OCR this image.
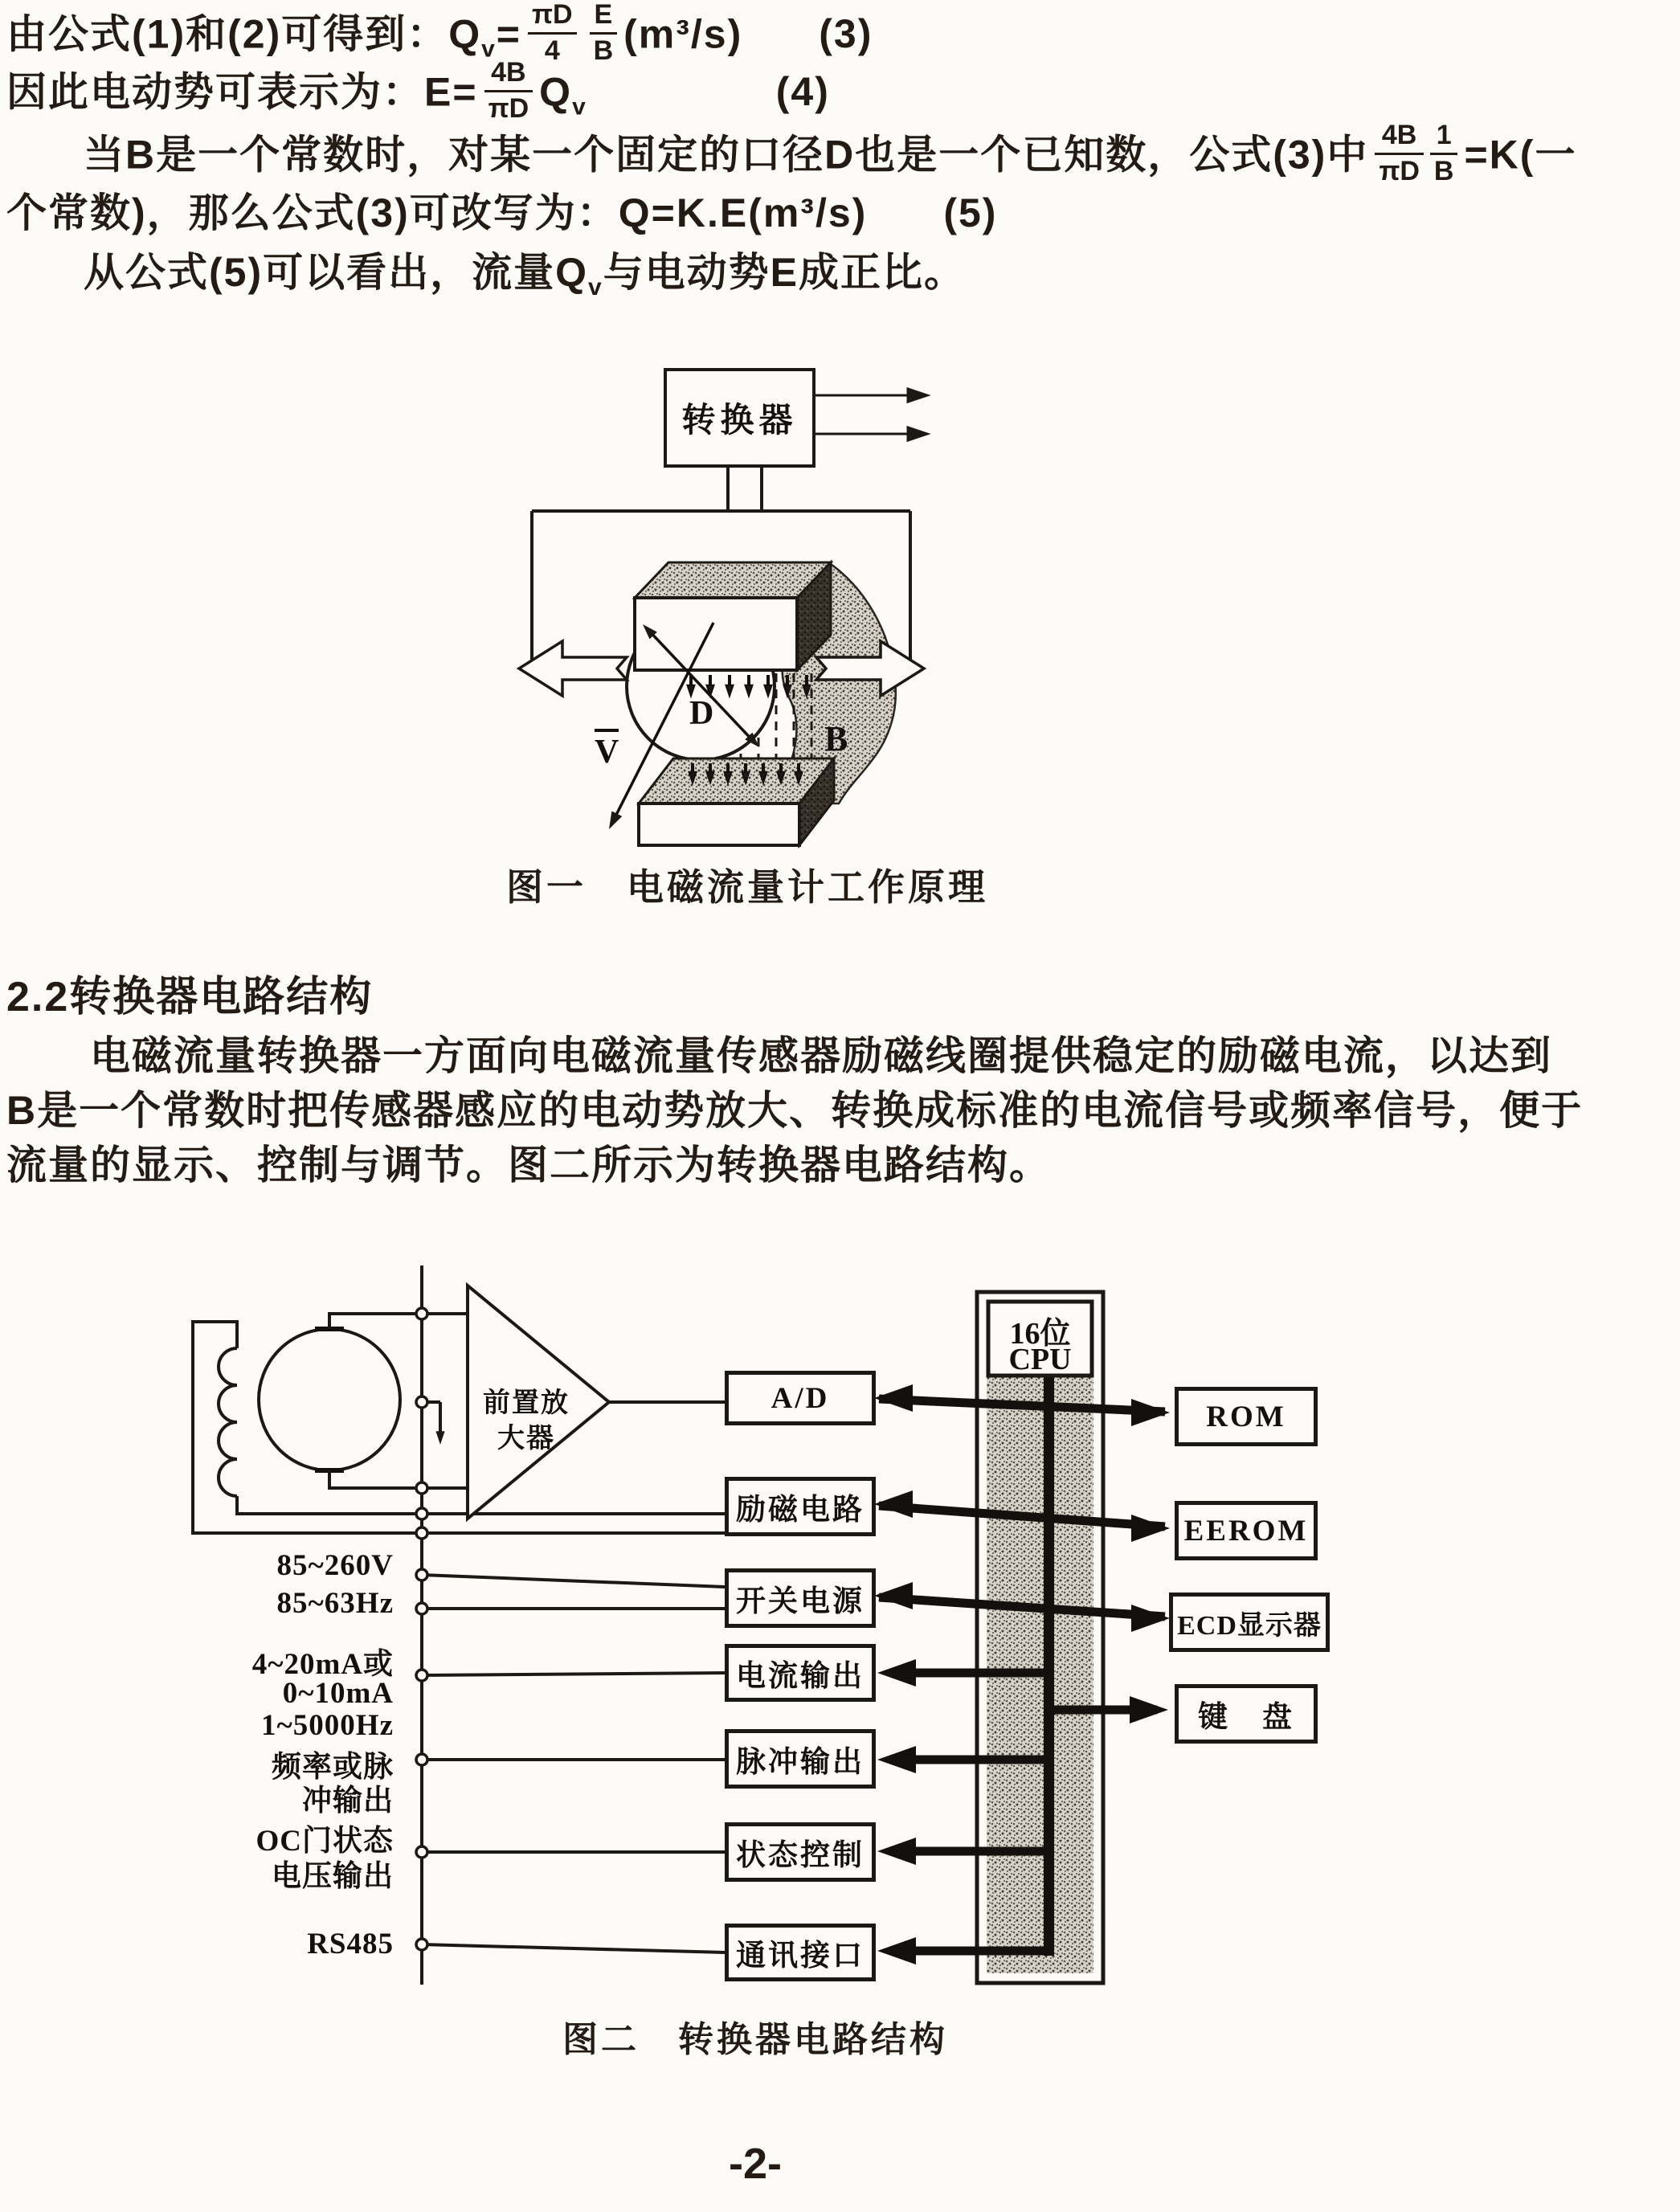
由公式(1)和(2)可得到：$Q_v= \frac{\pi D}{4} \frac{E}{B} (m^3/s)$ (3)
因此电动势可表示为：$E= \frac{4B}{\pi D} Q_v$	(4)
当B是一个常数时，对某一个固定的口径D也是一个已知数，公式(3)中 $\frac{4B}{\pi D} \frac{1}{B} =K$(一
个常数)，那么公式(3)可改写为：Q=K.E(m³/s) (5)
从公式(5)可以看出，流量$Q_v$与电动势E成正比。
转换器
D
V	B
图一　电磁流量计工作原理
2.2转换器电路结构
电磁流量转换器一方面向电磁流量传感器励磁线圈提供稳定的励磁电流，以达到
B是一个常数时把传感器感应的电动势放大、转换成标准的电流信号或频率信号，便于
流量的显示、控制与调节。图二所示为转换器电路结构。
前置放
大器
16位
CPU
A/D
励磁电路
开关电源
电流输出
脉冲输出
状态控制
通讯接口
ROM
EEROM
ECD显示器
键　盘
85~260V
85~63Hz
4~20mA或
0~10mA
1~5000Hz
频率或脉
冲输出
OC门状态
电压输出
RS485
图二　转换器电路结构
-2-
